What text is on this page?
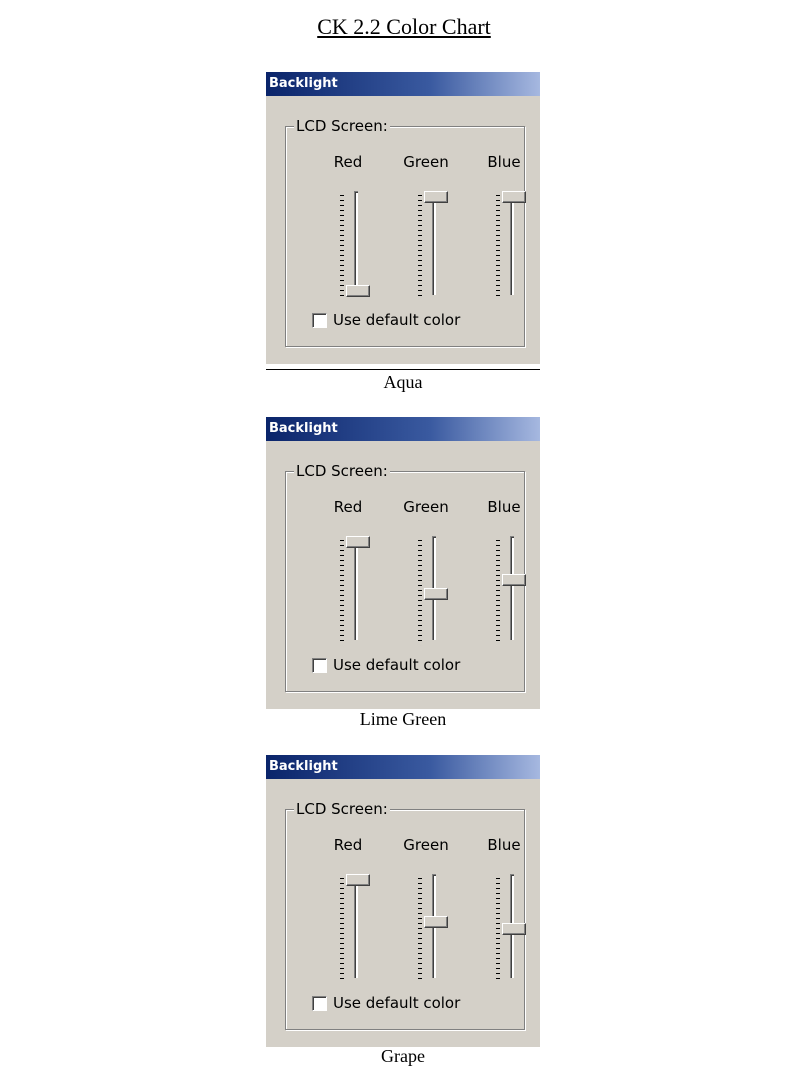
CK 2.2 Color Chart
Backlight
LCD Screen:
Red	Green	Blue
Use default color
Aqua
Backlight
LCD Screen:
Red	Green	Blue
Use default color
Lime Green
Backlight
LCD Screen:
Red	Green	Blue
Use default color
Grape
